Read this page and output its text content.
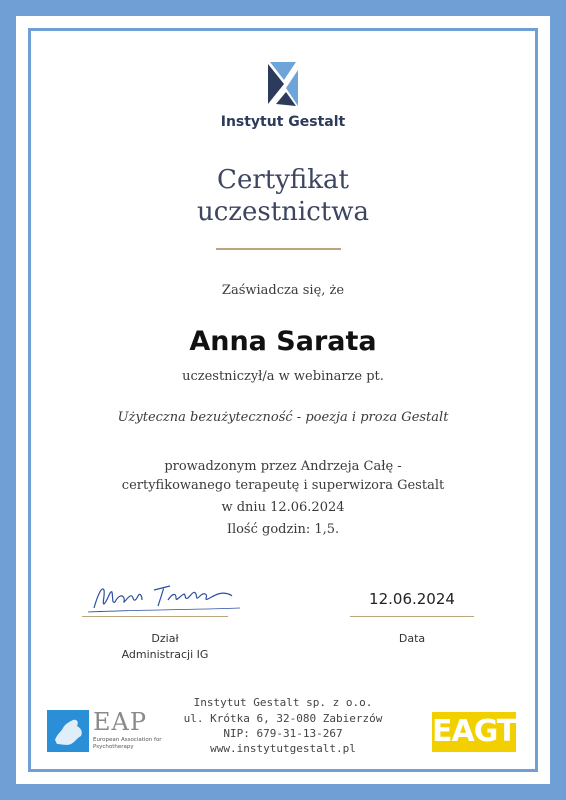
Instytut Gestalt
Certyfikat
uczestnictwa
Zaświadcza się, że
Anna Sarata
uczestniczył/a w webinarze pt.
Użyteczna bezużyteczność - poezja i proza Gestalt
prowadzonym przez Andrzeja Całę -
certyfikowanego terapeutę i superwizora Gestalt
w dniu 12.06.2024
Ilość godzin: 1,5.
Dział
Administracji IG
12.06.2024
Data
Instytut Gestalt sp. z o.o.
ul. Krótka 6, 32-080 Zabierzów
NIP: 679-31-13-267
www.instytutgestalt.pl
EAP
European Association for Psychotherapy	EAGT
